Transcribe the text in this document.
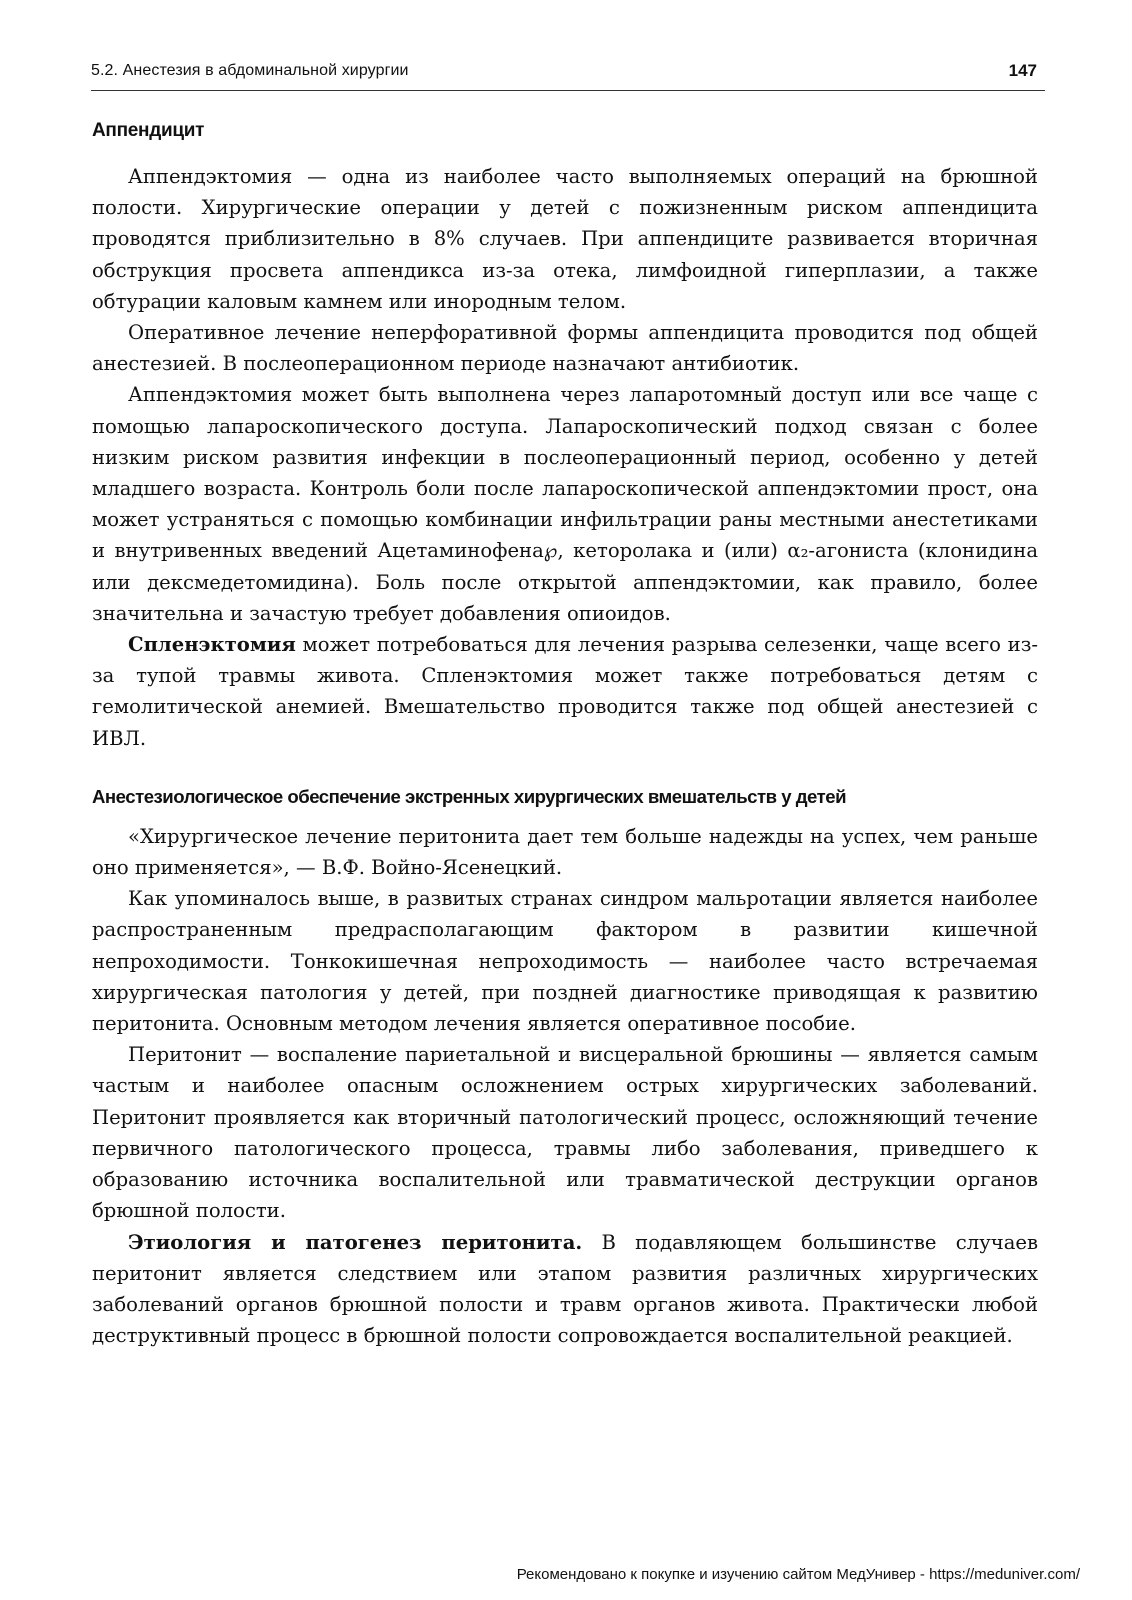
5.2. Анестезия в абдоминальной хирургии	147
Аппендицит

Аппендэктомия — одна из наиболее часто выполняемых операций на брюшной полости. Хирургические операции у детей с пожизненным риском аппендицита проводятся приблизительно в 8% случаев. При аппендиците развивается вторичная обструкция просвета аппендикса из-за отека, лимфоидной гиперплазии, а также обтурации каловым камнем или инородным телом.

Оперативное лечение неперфоративной формы аппендицита проводится под общей анестезией. В послеоперационном периоде назначают антибиотик.

Аппендэктомия может быть выполнена через лапаротомный доступ или все чаще с помощью лапароскопического доступа. Лапароскопический подход связан с более низким риском развития инфекции в послеоперационный период, особенно у детей младшего возраста. Контроль боли после лапароскопической аппендэктомии прост, она может устраняться с помощью комбинации инфильтрации раны местными анестетиками и внутривенных введений Ацетаминофена℘, кеторолака и (или) α₂-агониста (клонидина или дексмедетомидина). Боль после открытой аппендэктомии, как правило, более значительна и зачастую требует добавления опиоидов.

Спленэктомия может потребоваться для лечения разрыва селезенки, чаще всего из-за тупой травмы живота. Спленэктомия может также потребоваться детям с гемолитической анемией. Вмешательство проводится также под общей анестезией с ИВЛ.

Анестезиологическое обеспечение экстренных хирургических вмешательств у детей

«Хирургическое лечение перитонита дает тем больше надежды на успех, чем раньше оно применяется», — В.Ф. Войно-Ясенецкий.

Как упоминалось выше, в развитых странах синдром мальротации является наиболее распространенным предрасполагающим фактором в развитии кишечной непроходимости. Тонкокишечная непроходимость — наиболее часто встречаемая хирургическая патология у детей, при поздней диагностике приводящая к развитию перитонита. Основным методом лечения является оперативное пособие.

Перитонит — воспаление париетальной и висцеральной брюшины — является самым частым и наиболее опасным осложнением острых хирургических заболеваний. Перитонит проявляется как вторичный патологический процесс, осложняющий течение первичного патологического процесса, травмы либо заболевания, приведшего к образованию источника воспалительной или травматической деструкции органов брюшной полости.

Этиология и патогенез перитонита. В подавляющем большинстве случаев перитонит является следствием или этапом развития различных хирургических заболеваний органов брюшной полости и травм органов живота. Практически любой деструктивный процесс в брюшной полости сопровождается воспалительной реакцией.

Рекомендовано к покупке и изучению сайтом МедУнивер - https://meduniver.com/
